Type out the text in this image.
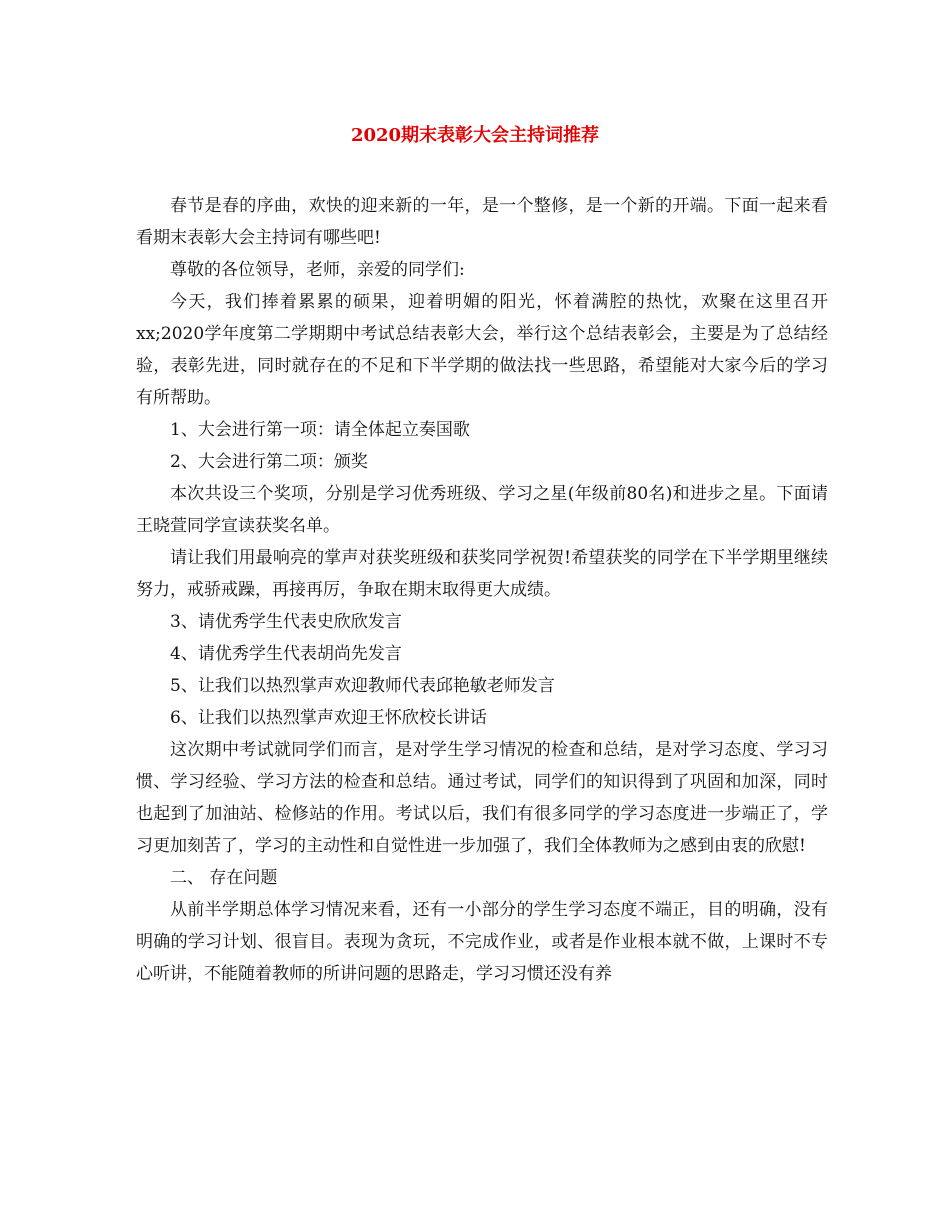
2020期末表彰大会主持词推荐

春节是春的序曲，欢快的迎来新的一年，是一个整修，是一个新的开端。下面一起来看看期末表彰大会主持词有哪些吧!

尊敬的各位领导，老师，亲爱的同学们:

今天，我们捧着累累的硕果，迎着明媚的阳光，怀着满腔的热忱，欢聚在这里召开xx;2020学年度第二学期期中考试总结表彰大会，举行这个总结表彰会，主要是为了总结经验，表彰先进，同时就存在的不足和下半学期的做法找一些思路，希望能对大家今后的学习有所帮助。

1、大会进行第一项：请全体起立奏国歌

2、大会进行第二项：颁奖

本次共设三个奖项，分别是学习优秀班级、学习之星(年级前80名)和进步之星。下面请王晓萱同学宣读获奖名单。

请让我们用最响亮的掌声对获奖班级和获奖同学祝贺!希望获奖的同学在下半学期里继续努力，戒骄戒躁，再接再厉，争取在期末取得更大成绩。

3、请优秀学生代表史欣欣发言

4、请优秀学生代表胡尚先发言

5、让我们以热烈掌声欢迎教师代表邱艳敏老师发言

6、让我们以热烈掌声欢迎王怀欣校长讲话

这次期中考试就同学们而言，是对学生学习情况的检查和总结，是对学习态度、学习习惯、学习经验、学习方法的检查和总结。通过考试，同学们的知识得到了巩固和加深，同时也起到了加油站、检修站的作用。考试以后，我们有很多同学的学习态度进一步端正了，学习更加刻苦了，学习的主动性和自觉性进一步加强了，我们全体教师为之感到由衷的欣慰!

二、 存在问题

从前半学期总体学习情况来看，还有一小部分的学生学习态度不端正，目的明确，没有明确的学习计划、很盲目。表现为贪玩，不完成作业，或者是作业根本就不做，上课时不专心听讲，不能随着教师的所讲问题的思路走，学习习惯还没有养
